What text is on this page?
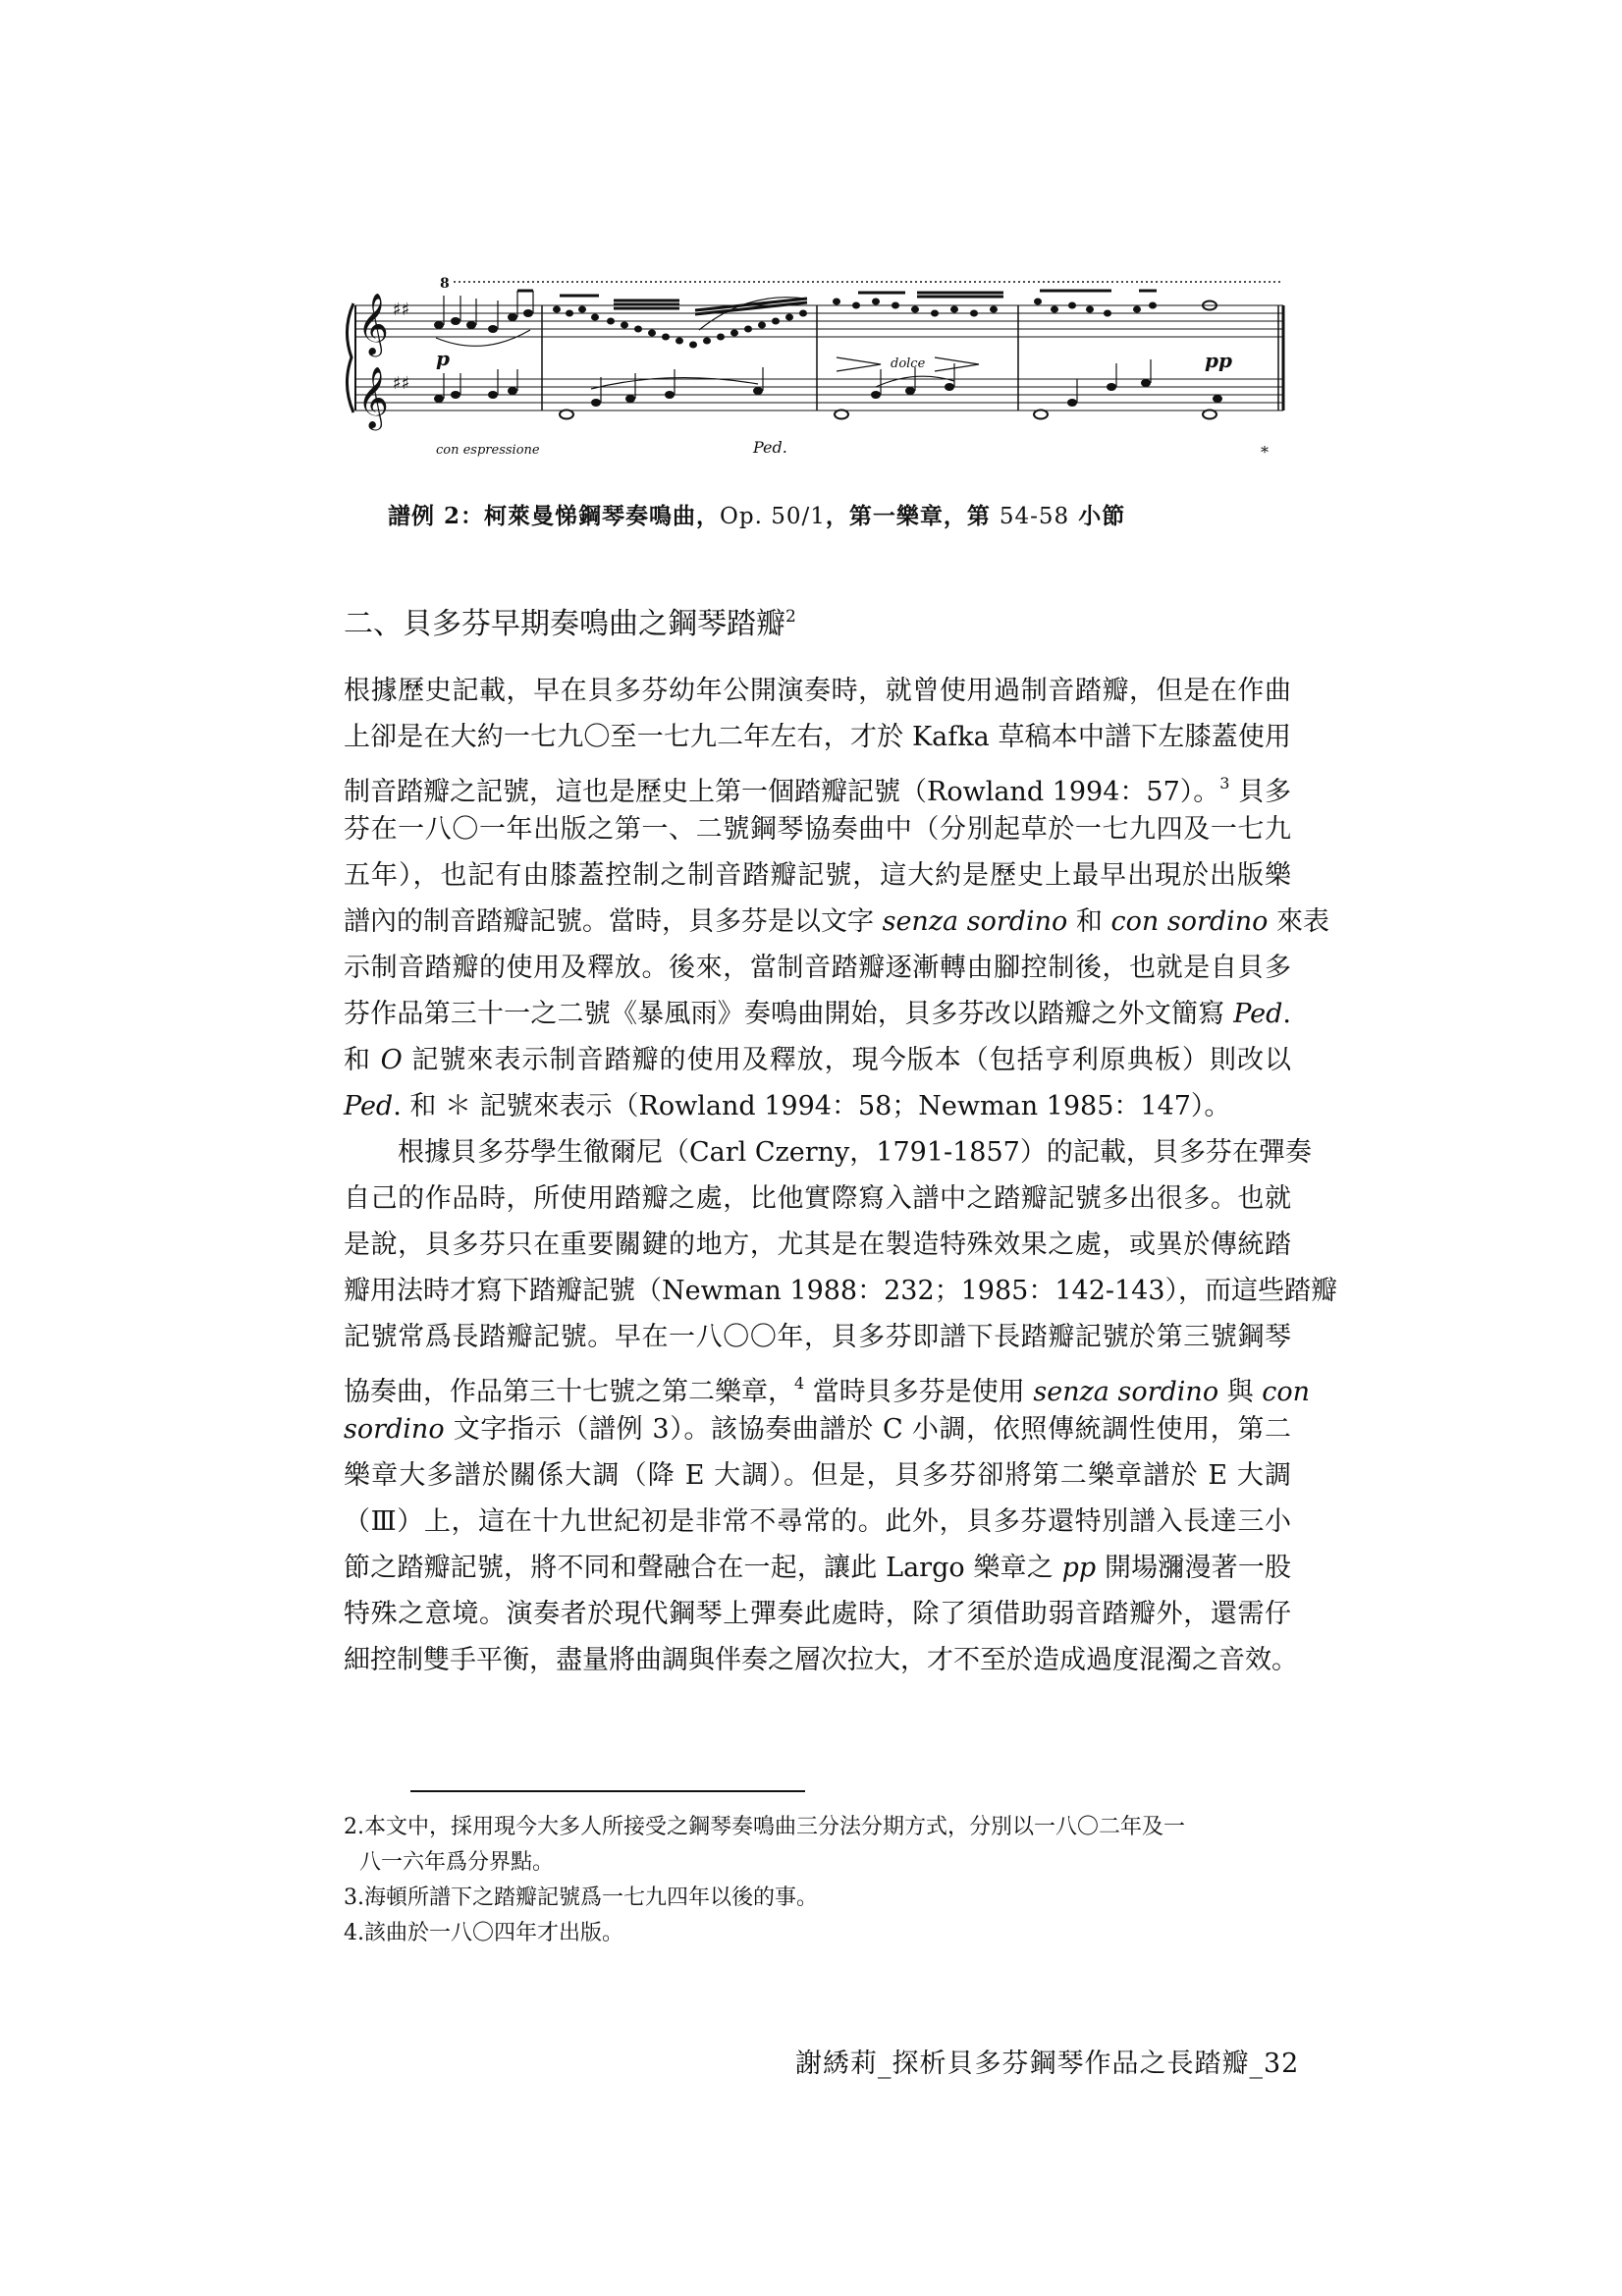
8
𝄞
𝄞
♯♯
♯♯
dolce	pp
p
con espressione	Ped.	*
譜例 2：柯萊曼悌鋼琴奏鳴曲，Op. 50/1，第一樂章，第 54-58 小節
二、貝多芬早期奏鳴曲之鋼琴踏瓣$^2$
根據歷史記載，早在貝多芬幼年公開演奏時，就曾使用過制音踏瓣，但是在作曲
上卻是在大約一七九〇至一七九二年左右，才於 Kafka 草稿本中譜下左膝蓋使用
制音踏瓣之記號，這也是歷史上第一個踏瓣記號（Rowland 1994：57）。$^3$ 貝多
芬在一八〇一年出版之第一、二號鋼琴協奏曲中（分別起草於一七九四及一七九
五年），也記有由膝蓋控制之制音踏瓣記號，這大約是歷史上最早出現於出版樂
譜內的制音踏瓣記號。當時，貝多芬是以文字 senza sordino 和 con sordino 來表
示制音踏瓣的使用及釋放。後來，當制音踏瓣逐漸轉由腳控制後，也就是自貝多
芬作品第三十一之二號《暴風雨》奏鳴曲開始，貝多芬改以踏瓣之外文簡寫 Ped.
和 O 記號來表示制音踏瓣的使用及釋放，現今版本（包括亨利原典板）則改以
Ped. 和 ＊ 記號來表示（Rowland 1994：58；Newman 1985：147）。
根據貝多芬學生徹爾尼（Carl Czerny，1791-1857）的記載，貝多芬在彈奏
自己的作品時，所使用踏瓣之處，比他實際寫入譜中之踏瓣記號多出很多。也就
是說，貝多芬只在重要關鍵的地方，尤其是在製造特殊效果之處，或異於傳統踏
瓣用法時才寫下踏瓣記號（Newman 1988：232；1985：142-143），而這些踏瓣
記號常爲長踏瓣記號。早在一八〇〇年，貝多芬即譜下長踏瓣記號於第三號鋼琴
協奏曲，作品第三十七號之第二樂章，$^4$ 當時貝多芬是使用 senza sordino 與 con
sordino 文字指示（譜例 3）。該協奏曲譜於 C 小調，依照傳統調性使用，第二
樂章大多譜於關係大調（降 E 大調）。但是，貝多芬卻將第二樂章譜於 E 大調
（Ⅲ）上，這在十九世紀初是非常不尋常的。此外，貝多芬還特別譜入長達三小
節之踏瓣記號，將不同和聲融合在一起，讓此 Largo 樂章之 pp 開場瀰漫著一股
特殊之意境。演奏者於現代鋼琴上彈奏此處時，除了須借助弱音踏瓣外，還需仔
細控制雙手平衡，盡量將曲調與伴奏之層次拉大，才不至於造成過度混濁之音效。
2.本文中，採用現今大多人所接受之鋼琴奏鳴曲三分法分期方式，分別以一八〇二年及一
八一六年爲分界點。
3.海頓所譜下之踏瓣記號爲一七九四年以後的事。
4.該曲於一八〇四年才出版。
謝綉莉_探析貝多芬鋼琴作品之長踏瓣_32
